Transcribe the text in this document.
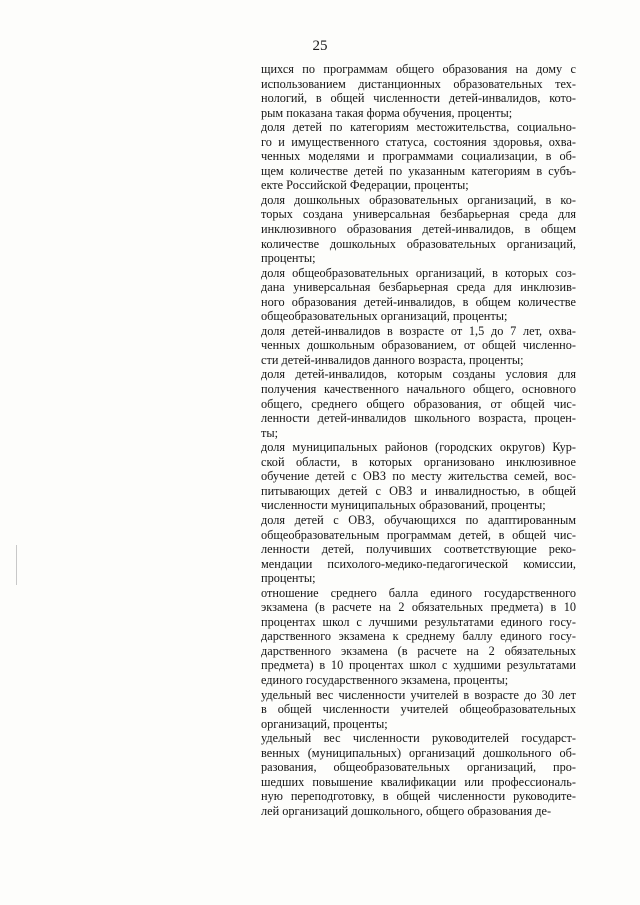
25
щихся по программам общего образования на дому с
использованием дистанционных образовательных тех-
нологий, в общей численности детей-инвалидов, кото-
рым показана такая форма обучения, проценты;
доля детей по категориям местожительства, социально-
го и имущественного статуса, состояния здоровья, охва-
ченных моделями и программами социализации, в об-
щем количестве детей по указанным категориям в субъ-
екте Российской Федерации, проценты;
доля дошкольных образовательных организаций, в ко-
торых создана универсальная безбарьерная среда для
инклюзивного образования детей-инвалидов, в общем
количестве дошкольных образовательных организаций,
проценты;
доля общеобразовательных организаций, в которых соз-
дана универсальная безбарьерная среда для инклюзив-
ного образования детей-инвалидов, в общем количестве
общеобразовательных организаций, проценты;
доля детей-инвалидов в возрасте от 1,5 до 7 лет, охва-
ченных дошкольным образованием, от общей численно-
сти детей-инвалидов данного возраста, проценты;
доля детей-инвалидов, которым созданы условия для
получения качественного начального общего, основного
общего, среднего общего образования, от общей чис-
ленности детей-инвалидов школьного возраста, процен-
ты;
доля муниципальных районов (городских округов) Кур-
ской области, в которых организовано инклюзивное
обучение детей с ОВЗ по месту жительства семей, вос-
питывающих детей с ОВЗ и инвалидностью, в общей
численности муниципальных образований, проценты;
доля детей с ОВЗ, обучающихся по адаптированным
общеобразовательным программам детей, в общей чис-
ленности детей, получивших соответствующие реко-
мендации психолого-медико-педагогической комиссии,
проценты;
отношение среднего балла единого государственного
экзамена (в расчете на 2 обязательных предмета) в 10
процентах школ с лучшими результатами единого госу-
дарственного экзамена к среднему баллу единого госу-
дарственного экзамена (в расчете на 2 обязательных
предмета) в 10 процентах школ с худшими результатами
единого государственного экзамена, проценты;
удельный вес численности учителей в возрасте до 30 лет
в общей численности учителей общеобразовательных
организаций, проценты;
удельный вес численности руководителей государст-
венных (муниципальных) организаций дошкольного об-
разования, общеобразовательных организаций, про-
шедших повышение квалификации или профессиональ-
ную переподготовку, в общей численности руководите-
лей организаций дошкольного, общего образования де-
